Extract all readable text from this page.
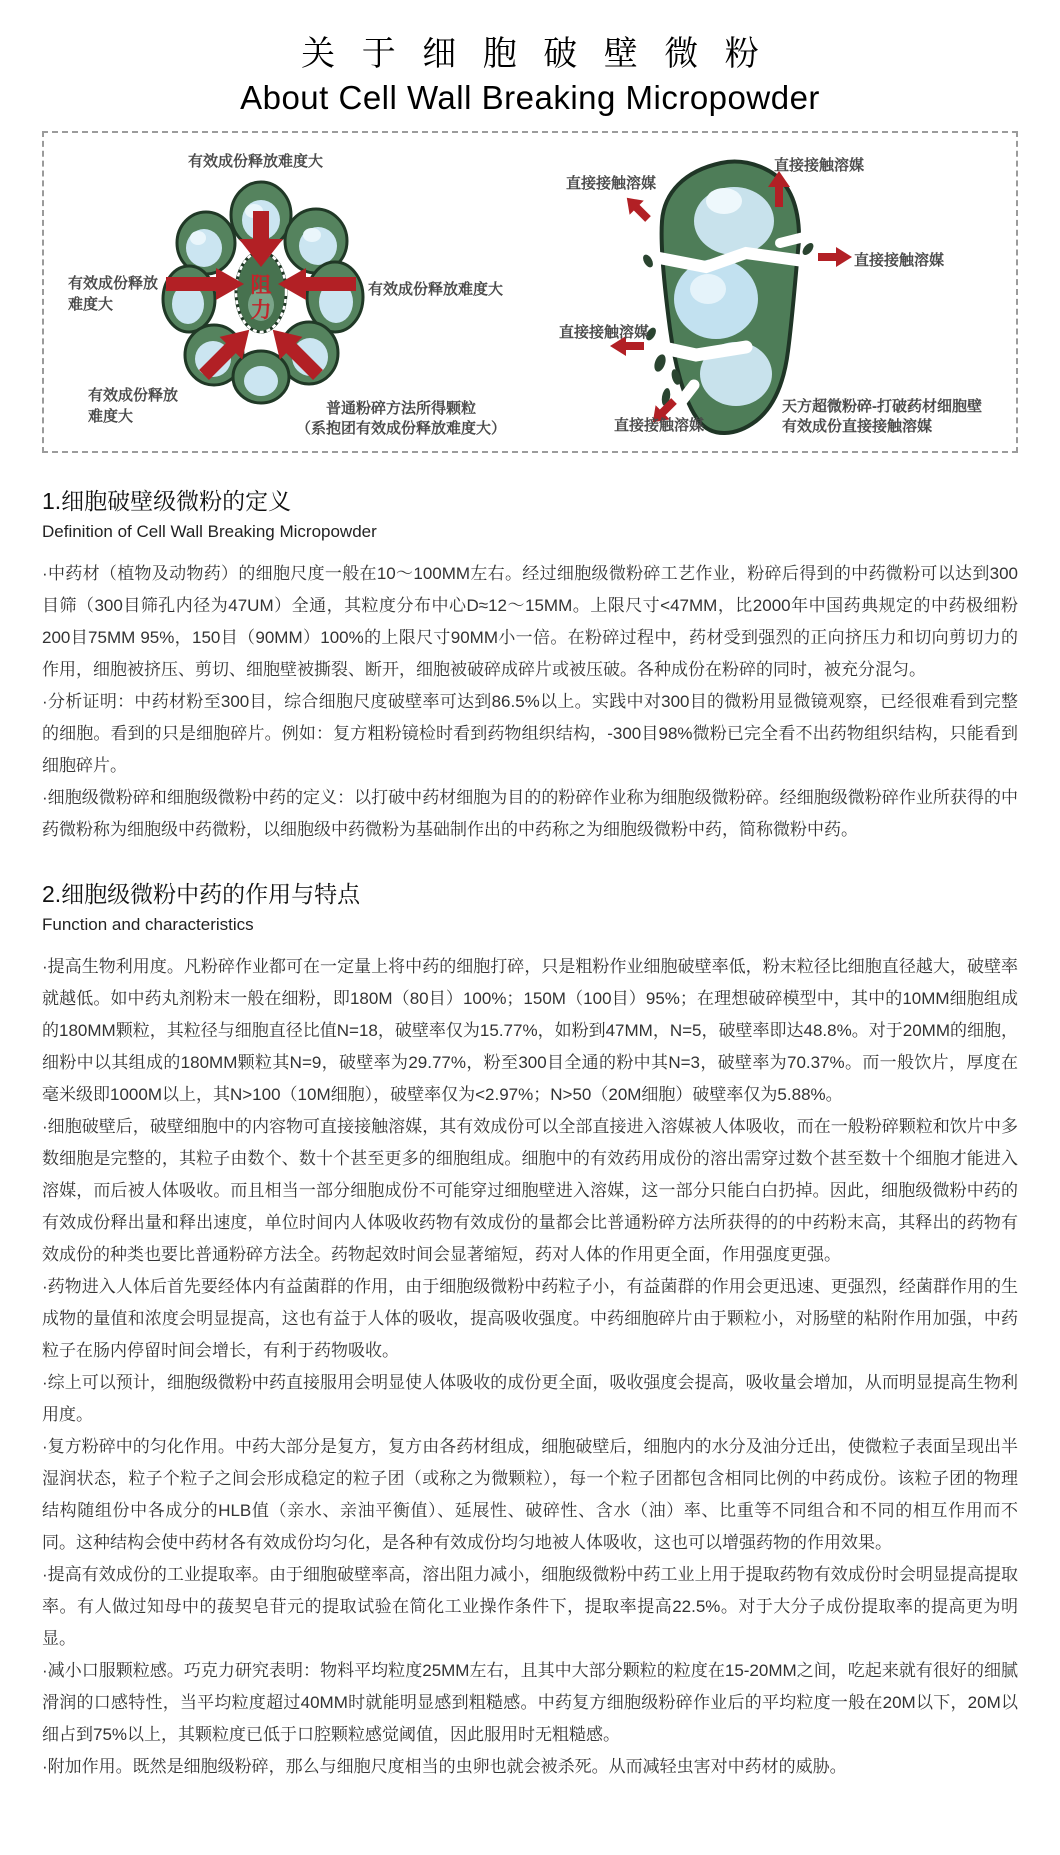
关于细胞破壁微粉
About Cell Wall Breaking Micropowder
阻
力
有效成份释放难度大
有效成份释放
难度大
有效成份释放难度大
有效成份释放
难度大	普通粉碎方法所得颗粒
（系抱团有效成份释放难度大）
直接接触溶媒
直接接触溶媒
直接接触溶媒
直接接触溶媒
直接接触溶媒
天方超微粉碎-打破药材细胞壁
有效成份直接接触溶媒
1.细胞破壁级微粉的定义
Definition of Cell Wall Breaking Micropowder

·中药材（植物及动物药）的细胞尺度一般在10～100MM左右。经过细胞级微粉碎工艺作业，粉碎后得到的中药微粉可以达到300目筛（300目筛孔内径为47UM）全通，其粒度分布中心D≈12～15MM。上限尺寸<47MM，比2000年中国药典规定的中药极细粉200目75MM 95%，150目（90MM）100%的上限尺寸90MM小一倍。在粉碎过程中，药材受到强烈的正向挤压力和切向剪切力的作用，细胞被挤压、剪切、细胞壁被撕裂、断开，细胞被破碎成碎片或被压破。各种成份在粉碎的同时，被充分混匀。

·分析证明：中药材粉至300目，综合细胞尺度破壁率可达到86.5%以上。实践中对300目的微粉用显微镜观察，已经很难看到完整的细胞。看到的只是细胞碎片。例如：复方粗粉镜检时看到药物组织结构，-300目98%微粉已完全看不出药物组织结构，只能看到细胞碎片。

·细胞级微粉碎和细胞级微粉中药的定义：以打破中药材细胞为目的的粉碎作业称为细胞级微粉碎。经细胞级微粉碎作业所获得的中药微粉称为细胞级中药微粉，以细胞级中药微粉为基础制作出的中药称之为细胞级微粉中药，简称微粉中药。

2.细胞级微粉中药的作用与特点
Function and characteristics

·提高生物利用度。凡粉碎作业都可在一定量上将中药的细胞打碎，只是粗粉作业细胞破壁率低，粉末粒径比细胞直径越大，破壁率就越低。如中药丸剂粉末一般在细粉，即180M（80目）100%；150M（100目）95%；在理想破碎模型中，其中的10MM细胞组成的180MM颗粒，其粒径与细胞直径比值N=18，破壁率仅为15.77%，如粉到47MM，N=5，破壁率即达48.8%。对于20MM的细胞，细粉中以其组成的180MM颗粒其N=9，破壁率为29.77%，粉至300目全通的粉中其N=3，破壁率为70.37%。而一般饮片，厚度在毫米级即1000M以上，其N>100（10M细胞），破壁率仅为<2.97%；N>50（20M细胞）破壁率仅为5.88%。

·细胞破壁后，破壁细胞中的内容物可直接接触溶媒，其有效成份可以全部直接进入溶媒被人体吸收，而在一般粉碎颗粒和饮片中多数细胞是完整的，其粒子由数个、数十个甚至更多的细胞组成。细胞中的有效药用成份的溶出需穿过数个甚至数十个细胞才能进入溶媒，而后被人体吸收。而且相当一部分细胞成份不可能穿过细胞壁进入溶媒，这一部分只能白白扔掉。因此，细胞级微粉中药的有效成份释出量和释出速度，单位时间内人体吸收药物有效成份的量都会比普通粉碎方法所获得的的中药粉末高，其释出的药物有效成份的种类也要比普通粉碎方法全。药物起效时间会显著缩短，药对人体的作用更全面，作用强度更强。

·药物进入人体后首先要经体内有益菌群的作用，由于细胞级微粉中药粒子小，有益菌群的作用会更迅速、更强烈，经菌群作用的生成物的量值和浓度会明显提高，这也有益于人体的吸收，提高吸收强度。中药细胞碎片由于颗粒小，对肠壁的粘附作用加强，中药粒子在肠内停留时间会增长，有利于药物吸收。

·综上可以预计，细胞级微粉中药直接服用会明显使人体吸收的成份更全面，吸收强度会提高，吸收量会增加，从而明显提高生物利用度。

·复方粉碎中的匀化作用。中药大部分是复方，复方由各药材组成，细胞破壁后，细胞内的水分及油分迁出，使微粒子表面呈现出半湿润状态，粒子个粒子之间会形成稳定的粒子团（或称之为微颗粒），每一个粒子团都包含相同比例的中药成份。该粒子团的物理结构随组份中各成分的HLB值（亲水、亲油平衡值）、延展性、破碎性、含水（油）率、比重等不同组合和不同的相互作用而不同。这种结构会使中药材各有效成份均匀化，是各种有效成份均匀地被人体吸收，这也可以增强药物的作用效果。

·提高有效成份的工业提取率。由于细胞破壁率高，溶出阻力减小，细胞级微粉中药工业上用于提取药物有效成份时会明显提高提取率。有人做过知母中的菝契皂苷元的提取试验在简化工业操作条件下，提取率提高22.5%。对于大分子成份提取率的提高更为明显。

·减小口服颗粒感。巧克力研究表明：物料平均粒度25MM左右，且其中大部分颗粒的粒度在15-20MM之间，吃起来就有很好的细腻滑润的口感特性，当平均粒度超过40MM时就能明显感到粗糙感。中药复方细胞级粉碎作业后的平均粒度一般在20M以下，20M以细占到75%以上，其颗粒度已低于口腔颗粒感觉阈值，因此服用时无粗糙感。

·附加作用。既然是细胞级粉碎，那么与细胞尺度相当的虫卵也就会被杀死。从而减轻虫害对中药材的威胁。
